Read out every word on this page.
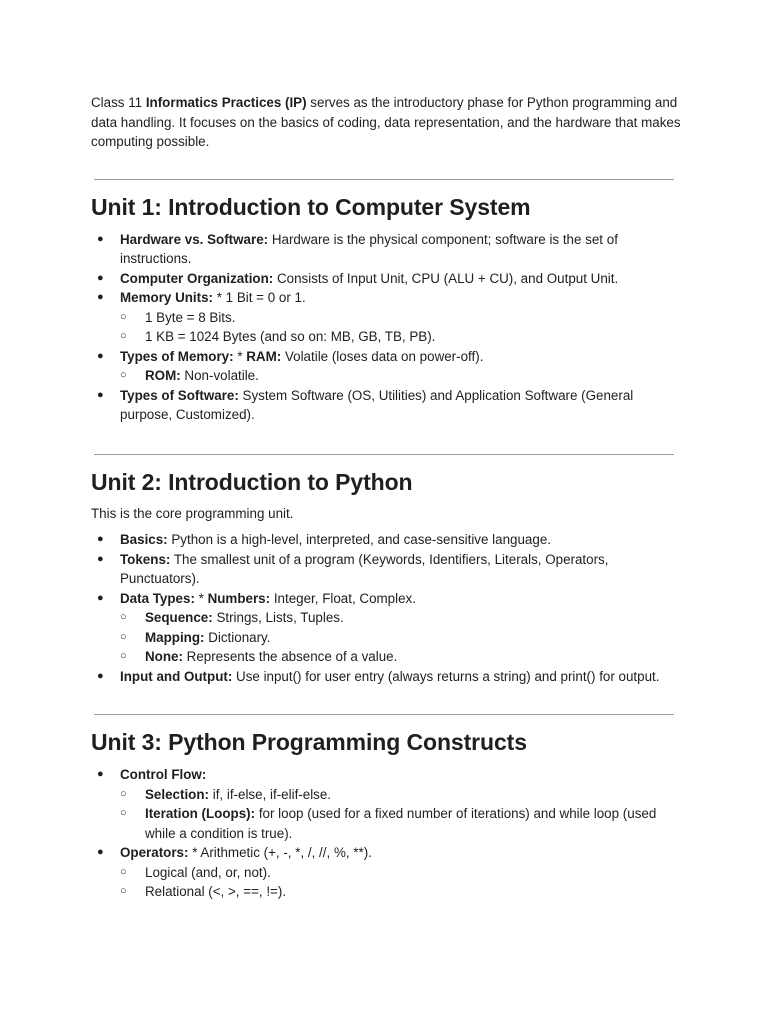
Class 11 Informatics Practices (IP) serves as the introductory phase for Python programming and data handling. It focuses on the basics of coding, data representation, and the hardware that makes computing possible.

Unit 1: Introduction to Computer System
● Hardware vs. Software: Hardware is the physical component; software is the set of instructions.
● Computer Organization: Consists of Input Unit, CPU (ALU + CU), and Output Unit.
● Memory Units: * 1 Bit = 0 or 1.
○ 1 Byte = 8 Bits.
○ 1 KB = 1024 Bytes (and so on: MB, GB, TB, PB).
● Types of Memory: * RAM: Volatile (loses data on power-off).
○ ROM: Non-volatile.
● Types of Software: System Software (OS, Utilities) and Application Software (General purpose, Customized).
Unit 2: Introduction to Python

This is the core programming unit.

● Basics: Python is a high-level, interpreted, and case-sensitive language.
● Tokens: The smallest unit of a program (Keywords, Identifiers, Literals, Operators, Punctuators).
● Data Types: * Numbers: Integer, Float, Complex.
○ Sequence: Strings, Lists, Tuples.
○ Mapping: Dictionary.
○ None: Represents the absence of a value.
● Input and Output: Use input() for user entry (always returns a string) and print() for output.
Unit 3: Python Programming Constructs
● Control Flow:
○ Selection: if, if-else, if-elif-else.
○ Iteration (Loops): for loop (used for a fixed number of iterations) and while loop (used while a condition is true).
● Operators: * Arithmetic (+, -, *, /, //, %, **).
○ Logical (and, or, not).
○ Relational (<, >, ==, !=).
